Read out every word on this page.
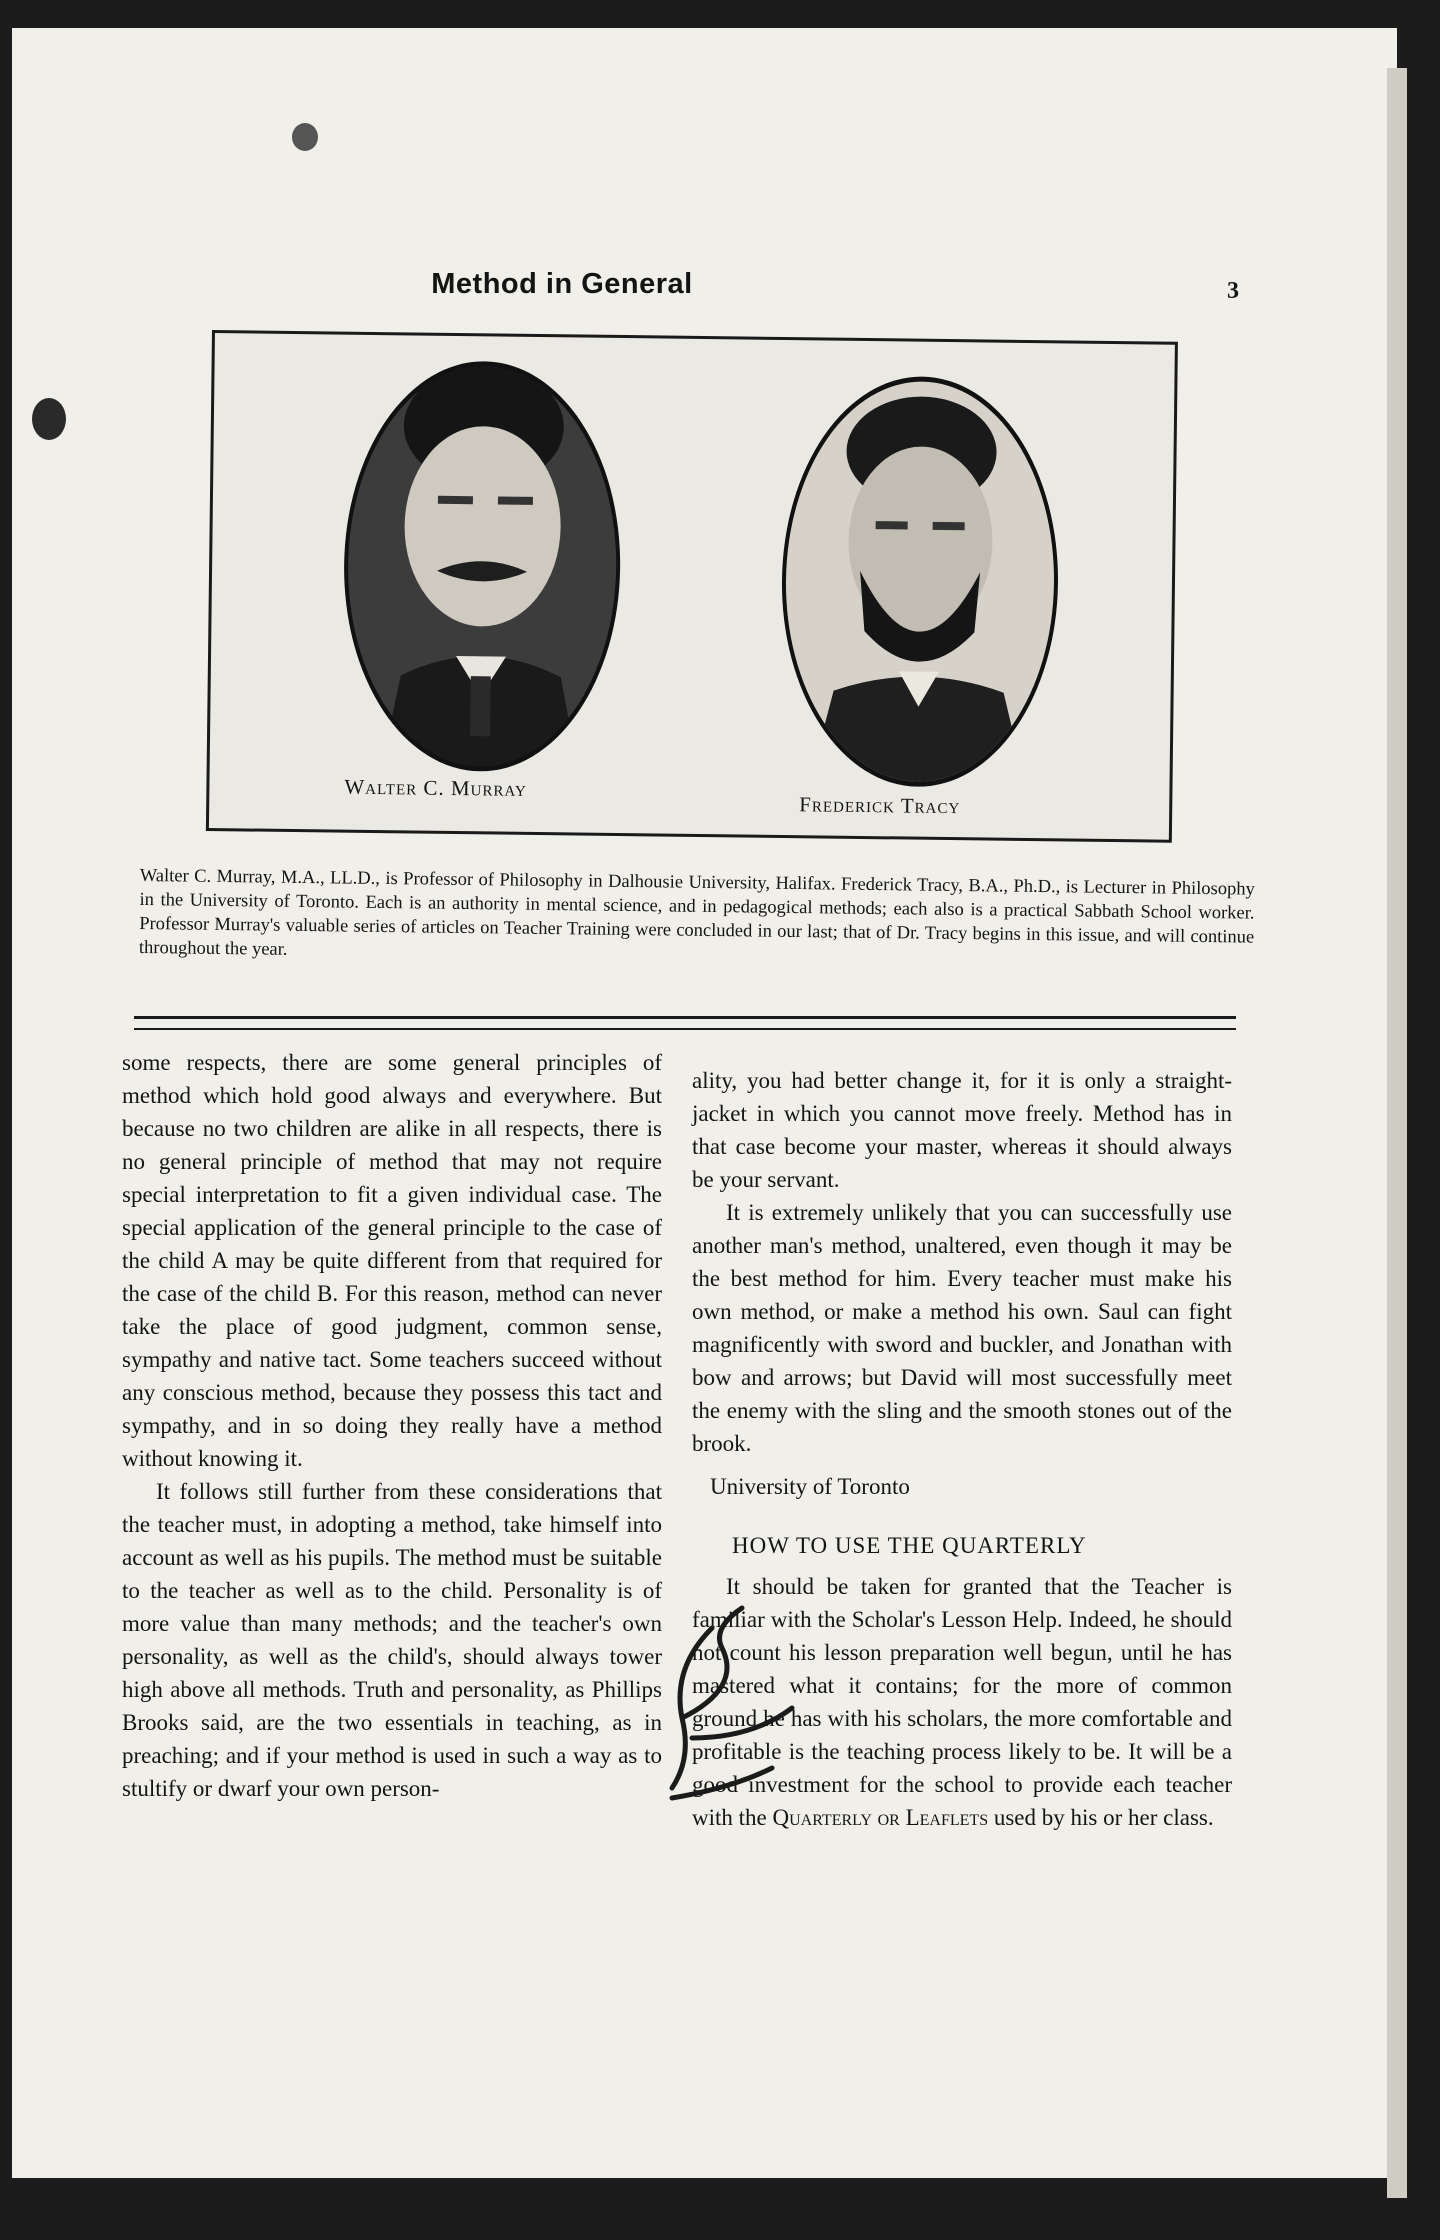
Method in General	3
Walter C. Murray
Frederick Tracy

Walter C. Murray, M.A., LL.D., is Professor of Philosophy in Dalhousie University, Halifax. Frederick Tracy, B.A., Ph.D., is Lecturer in Philosophy in the University of Toronto. Each is an authority in mental science, and in pedagogical methods; each also is a practical Sabbath School worker. Professor Murray's valuable series of articles on Teacher Training were concluded in our last; that of Dr. Tracy begins in this issue, and will continue throughout the year.

some respects, there are some general principles of method which hold good always and everywhere. But because no two children are alike in all respects, there is no general principle of method that may not require special interpretation to fit a given individual case. The special application of the general principle to the case of the child A may be quite different from that required for the case of the child B. For this reason, method can never take the place of good judgment, common sense, sympathy and native tact. Some teachers succeed without any conscious method, because they possess this tact and sympathy, and in so doing they really have a method without knowing it.

It follows still further from these considerations that the teacher must, in adopting a method, take himself into account as well as his pupils. The method must be suitable to the teacher as well as to the child. Personality is of more value than many methods; and the teacher's own personality, as well as the child's, should always tower high above all methods. Truth and personality, as Phillips Brooks said, are the two essentials in teaching, as in preaching; and if your method is used in such a way as to stultify or dwarf your own person-

ality, you had better change it, for it is only a straight-jacket in which you cannot move freely. Method has in that case become your master, whereas it should always be your servant.

It is extremely unlikely that you can successfully use another man's method, unaltered, even though it may be the best method for him. Every teacher must make his own method, or make a method his own. Saul can fight magnificently with sword and buckler, and Jonathan with bow and arrows; but David will most successfully meet the enemy with the sling and the smooth stones out of the brook.

University of Toronto

HOW TO USE THE QUARTERLY

It should be taken for granted that the Teacher is familiar with the Scholar's Lesson Help. Indeed, he should not count his lesson preparation well begun, until he has mastered what it contains; for the more of common ground he has with his scholars, the more comfortable and profitable is the teaching process likely to be. It will be a good investment for the school to provide each teacher with the Quarterly or Leaflets used by his or her class.
